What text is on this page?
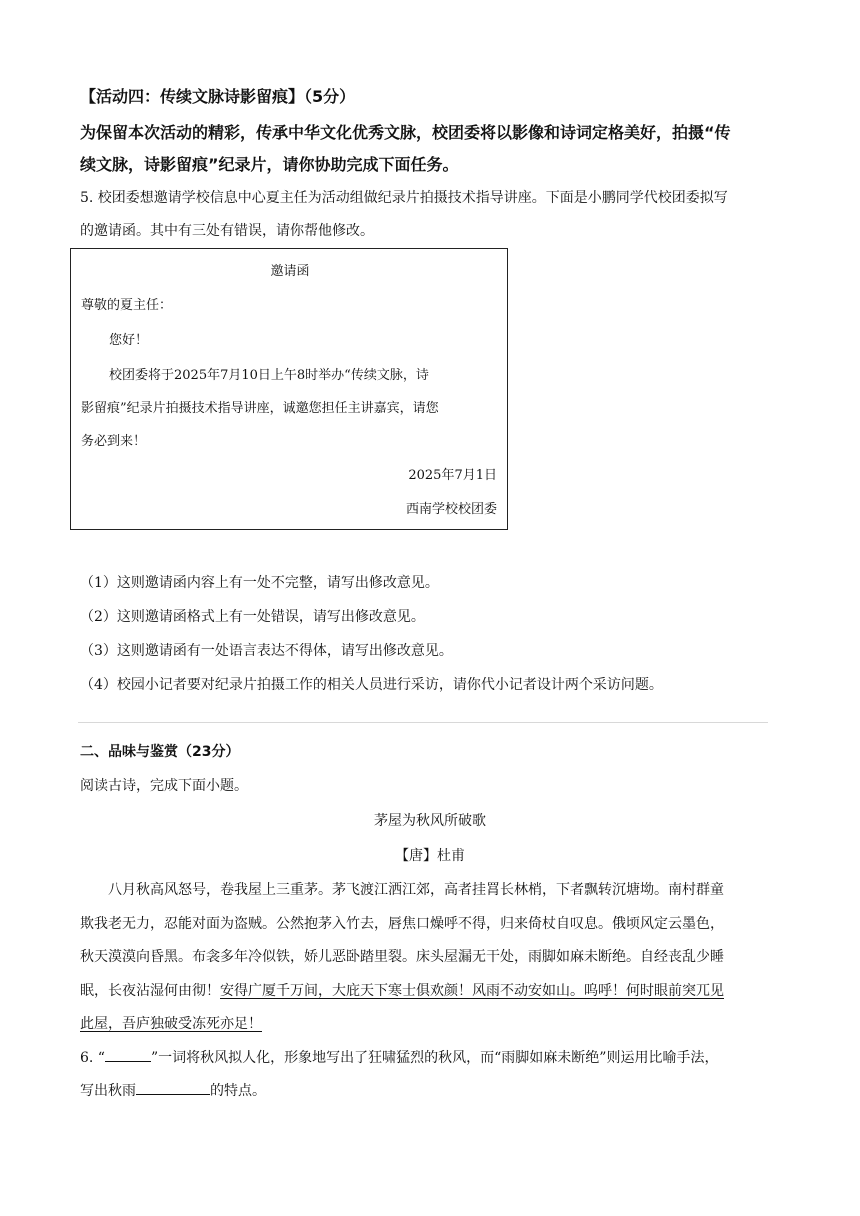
【活动四：传续文脉诗影留痕】（5分）
为保留本次活动的精彩，传承中华文化优秀文脉，校团委将以影像和诗词定格美好，拍摄“传
续文脉，诗影留痕”纪录片，请你协助完成下面任务。
5. 校团委想邀请学校信息中心夏主任为活动组做纪录片拍摄技术指导讲座。下面是小鹏同学代校团委拟写
的邀请函。其中有三处有错误，请你帮他修改。
邀请函
尊敬的夏主任：
您好！
校团委将于2025年7月10日上午8时举办“传续文脉，诗
影留痕”纪录片拍摄技术指导讲座，诚邀您担任主讲嘉宾，请您
务必到来！
2025年7月1日
西南学校校团委
（1）这则邀请函内容上有一处不完整，请写出修改意见。
（2）这则邀请函格式上有一处错误，请写出修改意见。
（3）这则邀请函有一处语言表达不得体，请写出修改意见。
（4）校园小记者要对纪录片拍摄工作的相关人员进行采访，请你代小记者设计两个采访问题。
二、品味与鉴赏（23分）
阅读古诗，完成下面小题。
茅屋为秋风所破歌
【唐】杜甫
八月秋高风怒号，卷我屋上三重茅。茅飞渡江洒江郊，高者挂罥长林梢，下者飘转沉塘坳。南村群童
欺我老无力，忍能对面为盗贼。公然抱茅入竹去，唇焦口燥呼不得，归来倚杖自叹息。俄顷风定云墨色，
秋天漠漠向昏黑。布衾多年冷似铁，娇儿恶卧踏里裂。床头屋漏无干处，雨脚如麻未断绝。自经丧乱少睡
眠，长夜沾湿何由彻！安得广厦千万间，大庇天下寒士俱欢颜！风雨不动安如山。呜呼！何时眼前突兀见
此屋，吾庐独破受冻死亦足！
6. “	”一词将秋风拟人化，形象地写出了狂啸猛烈的秋风，而“雨脚如麻未断绝”则运用比喻手法，
写出秋雨	的特点。
